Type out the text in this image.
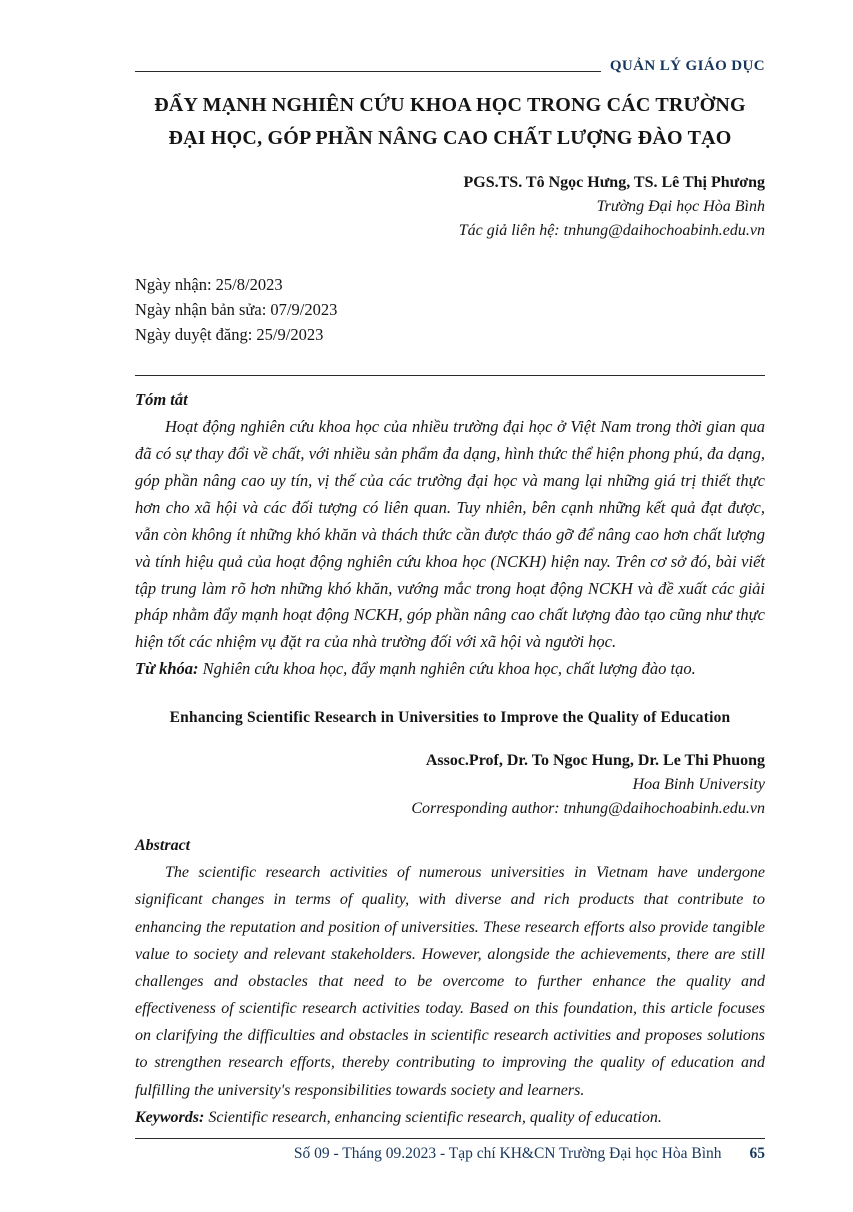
QUẢN LÝ GIÁO DỤC
ĐẨY MẠNH NGHIÊN CỨU KHOA HỌC TRONG CÁC TRƯỜNG ĐẠI HỌC, GÓP PHẦN NÂNG CAO CHẤT LƯỢNG ĐÀO TẠO
PGS.TS. Tô Ngọc Hưng, TS. Lê Thị Phương
Trường Đại học Hòa Bình
Tác giả liên hệ: tnhung@daihochoabinh.edu.vn
Ngày nhận: 25/8/2023
Ngày nhận bản sửa: 07/9/2023
Ngày duyệt đăng: 25/9/2023
Tóm tắt

Hoạt động nghiên cứu khoa học của nhiều trường đại học ở Việt Nam trong thời gian qua đã có sự thay đổi về chất, với nhiều sản phẩm đa dạng, hình thức thể hiện phong phú, đa dạng, góp phần nâng cao uy tín, vị thế của các trường đại học và mang lại những giá trị thiết thực hơn cho xã hội và các đối tượng có liên quan. Tuy nhiên, bên cạnh những kết quả đạt được, vẫn còn không ít những khó khăn và thách thức cần được tháo gỡ để nâng cao hơn chất lượng và tính hiệu quả của hoạt động nghiên cứu khoa học (NCKH) hiện nay. Trên cơ sở đó, bài viết tập trung làm rõ hơn những khó khăn, vướng mắc trong hoạt động NCKH và đề xuất các giải pháp nhằm đẩy mạnh hoạt động NCKH, góp phần nâng cao chất lượng đào tạo cũng như thực hiện tốt các nhiệm vụ đặt ra của nhà trường đối với xã hội và người học.

Từ khóa: Nghiên cứu khoa học, đẩy mạnh nghiên cứu khoa học, chất lượng đào tạo.

Enhancing Scientific Research in Universities to Improve the Quality of Education
Assoc.Prof, Dr. To Ngoc Hung, Dr. Le Thi Phuong
Hoa Binh University
Corresponding author: tnhung@daihochoabinh.edu.vn
Abstract

The scientific research activities of numerous universities in Vietnam have undergone significant changes in terms of quality, with diverse and rich products that contribute to enhancing the reputation and position of universities. These research efforts also provide tangible value to society and relevant stakeholders. However, alongside the achievements, there are still challenges and obstacles that need to be overcome to further enhance the quality and effectiveness of scientific research activities today. Based on this foundation, this article focuses on clarifying the difficulties and obstacles in scientific research activities and proposes solutions to strengthen research efforts, thereby contributing to improving the quality of education and fulfilling the university's responsibilities towards society and learners.

Keywords: Scientific research, enhancing scientific research, quality of education.

Số 09 - Tháng 09.2023 - Tạp chí KH&CN Trường Đại học Hòa Bình 65
